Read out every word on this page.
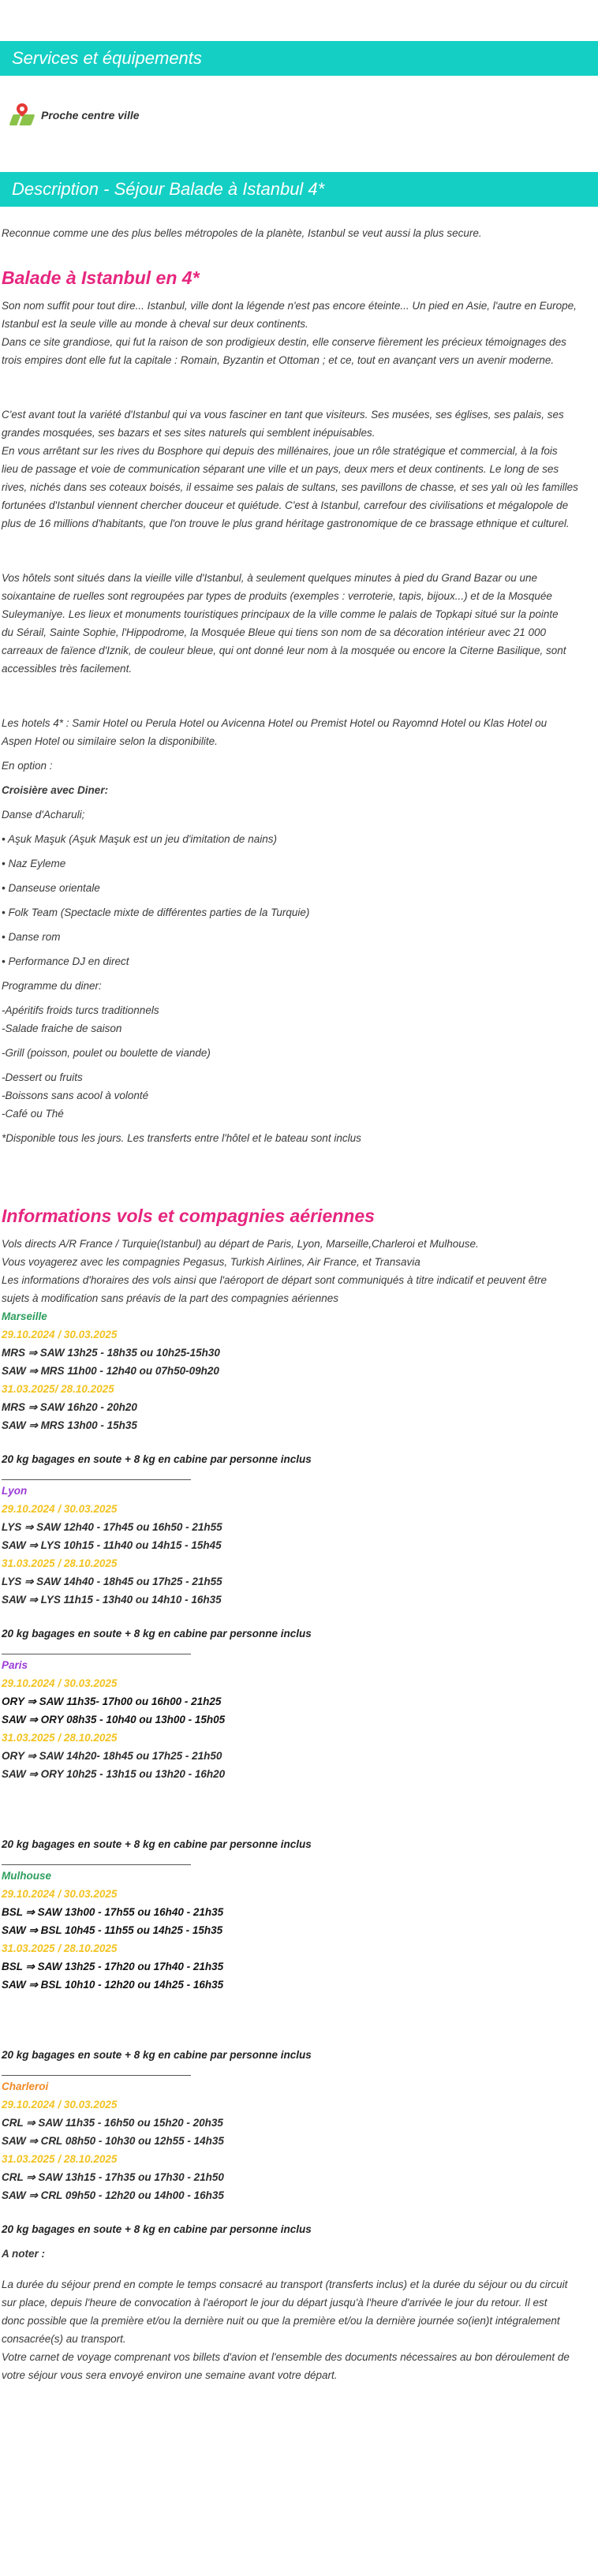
Services et équipements
Proche centre ville
Description - Séjour Balade à Istanbul 4*

Reconnue comme une des plus belles métropoles de la planète, Istanbul se veut aussi la plus secure.

Balade à Istanbul en 4*
Son nom suffit pour tout dire... Istanbul, ville dont la légende n'est pas encore éteinte... Un pied en Asie, l'autre en Europe,
Istanbul est la seule ville au monde à cheval sur deux continents.
Dans ce site grandiose, qui fut la raison de son prodigieux destin, elle conserve fièrement les précieux témoignages des
trois empires dont elle fut la capitale : Romain, Byzantin et Ottoman ; et ce, tout en avançant vers un avenir moderne.
C'est avant tout la variété d'Istanbul qui va vous fasciner en tant que visiteurs. Ses musées, ses églises, ses palais, ses
grandes mosquées, ses bazars et ses sites naturels qui semblent inépuisables.
En vous arrêtant sur les rives du Bosphore qui depuis des millénaires, joue un rôle stratégique et commercial, à la fois
lieu de passage et voie de communication séparant une ville et un pays, deux mers et deux continents. Le long de ses
rives, nichés dans ses coteaux boisés, il essaime ses palais de sultans, ses pavillons de chasse, et ses yalı où les familles
fortunées d'Istanbul viennent chercher douceur et quiétude. C'est à Istanbul, carrefour des civilisations et mégalopole de
plus de 16 millions d'habitants, que l'on trouve le plus grand héritage gastronomique de ce brassage ethnique et culturel.
Vos hôtels sont situés dans la vieille ville d'Istanbul, à seulement quelques minutes à pied du Grand Bazar ou une
soixantaine de ruelles sont regroupées par types de produits (exemples : verroterie, tapis, bijoux...) et de la Mosquée
Suleymaniye. Les lieux et monuments touristiques principaux de la ville comme le palais de Topkapi situé sur la pointe
du Sérail, Sainte Sophie, l'Hippodrome, la Mosquée Bleue qui tiens son nom de sa décoration intérieur avec 21 000
carreaux de faïence d'Iznik, de couleur bleue, qui ont donné leur nom à la mosquée ou encore la Citerne Basilique, sont
accessibles très facilement.
Les hotels 4* : Samir Hotel ou Perula Hotel ou Avicenna Hotel ou Premist Hotel ou Rayomnd Hotel ou Klas Hotel ou
Aspen Hotel ou similaire selon la disponibilite.
En option :
Croisière avec Diner:
Danse d'Acharuli;
• Aşuk Maşuk (Aşuk Maşuk est un jeu d'imitation de nains)
• Naz Eyleme
• Danseuse orientale
• Folk Team (Spectacle mixte de différentes parties de la Turquie)
• Danse rom
• Performance DJ en direct
Programme du diner:
-Apéritifs froids turcs traditionnels
-Salade fraiche de saison
-Grill (poisson, poulet ou boulette de viande)
-Dessert ou fruits
-Boissons sans acool à volonté
-Café ou Thé
*Disponible tous les jours. Les transferts entre l'hôtel et le bateau sont inclus
Informations vols et compagnies aériennes
Vols directs A/R France / Turquie(Istanbul) au départ de Paris, Lyon, Marseille,Charleroi et Mulhouse.
Vous voyagerez avec les compagnies Pegasus, Turkish Airlines, Air France, et Transavia
Les informations d'horaires des vols ainsi que l'aéroport de départ sont communiqués à titre indicatif et peuvent être
sujets à modification sans préavis de la part des compagnies aériennes
Marseille
29.10.2024 / 30.03.2025
MRS ⇒ SAW 13h25 - 18h35 ou 10h25-15h30
SAW ⇒ MRS 11h00 - 12h40 ou 07h50-09h20
31.03.2025/ 28.10.2025
MRS ⇒ SAW 16h20 - 20h20
SAW ⇒ MRS 13h00 - 15h35
20 kg bagages en soute + 8 kg en cabine par personne inclus
Lyon
29.10.2024 / 30.03.2025
LYS ⇒ SAW 12h40 - 17h45 ou 16h50 - 21h55
SAW ⇒ LYS 10h15 - 11h40 ou 14h15 - 15h45
31.03.2025 / 28.10.2025
LYS ⇒ SAW 14h40 - 18h45 ou 17h25 - 21h55
SAW ⇒ LYS 11h15 - 13h40 ou 14h10 - 16h35
20 kg bagages en soute + 8 kg en cabine par personne inclus
Paris
29.10.2024 / 30.03.2025
ORY ⇒ SAW 11h35- 17h00 ou 16h00 - 21h25
SAW ⇒ ORY 08h35 - 10h40 ou 13h00 - 15h05
31.03.2025 / 28.10.2025
ORY ⇒ SAW 14h20- 18h45 ou 17h25 - 21h50
SAW ⇒ ORY 10h25 - 13h15 ou 13h20 - 16h20
20 kg bagages en soute + 8 kg en cabine par personne inclus
Mulhouse
29.10.2024 / 30.03.2025
BSL ⇒ SAW 13h00 - 17h55 ou 16h40 - 21h35
SAW ⇒ BSL 10h45 - 11h55 ou 14h25 - 15h35
31.03.2025 / 28.10.2025
BSL ⇒ SAW 13h25 - 17h20 ou 17h40 - 21h35
SAW ⇒ BSL 10h10 - 12h20 ou 14h25 - 16h35
20 kg bagages en soute + 8 kg en cabine par personne inclus
Charleroi
29.10.2024 / 30.03.2025
CRL ⇒ SAW 11h35 - 16h50 ou 15h20 - 20h35
SAW ⇒ CRL 08h50 - 10h30 ou 12h55 - 14h35
31.03.2025 / 28.10.2025
CRL ⇒ SAW 13h15 - 17h35 ou 17h30 - 21h50
SAW ⇒ CRL 09h50 - 12h20 ou 14h00 - 16h35
20 kg bagages en soute + 8 kg en cabine par personne inclus
A noter :
La durée du séjour prend en compte le temps consacré au transport (transferts inclus) et la durée du séjour ou du circuit
sur place, depuis l'heure de convocation à l'aéroport le jour du départ jusqu'à l'heure d'arrivée le jour du retour. Il est
donc possible que la première et/ou la dernière nuit ou que la première et/ou la dernière journée so(ien)t intégralement
consacrée(s) au transport.
Votre carnet de voyage comprenant vos billets d'avion et l'ensemble des documents nécessaires au bon déroulement de
votre séjour vous sera envoyé environ une semaine avant votre départ.
